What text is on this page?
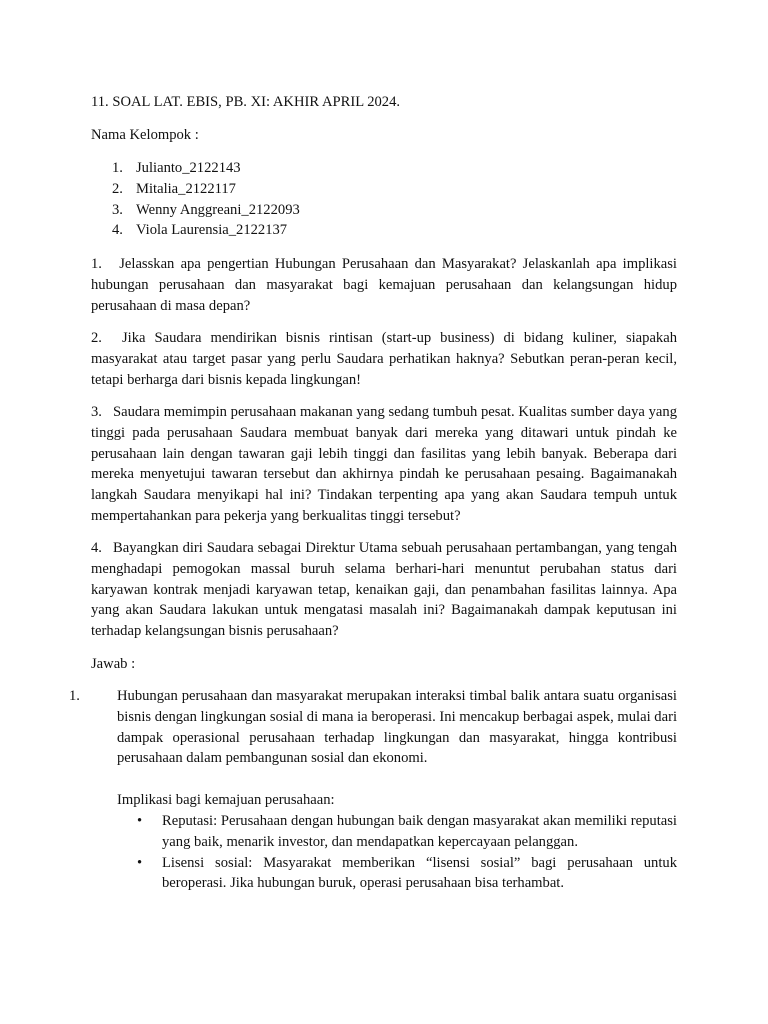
11. SOAL LAT. EBIS, PB. XI: AKHIR APRIL 2024.

Nama Kelompok :

1. Julianto_2122143
2. Mitalia_2122117
3. Wenny Anggreani_2122093
4. Viola Laurensia_2122137
1. Jelasskan apa pengertian Hubungan Perusahaan dan Masyarakat? Jelaskanlah apa implikasi hubungan perusahaan dan masyarakat bagi kemajuan perusahaan dan kelangsungan hidup perusahaan di masa depan?
2. Jika Saudara mendirikan bisnis rintisan (start-up business) di bidang kuliner, siapakah masyarakat atau target pasar yang perlu Saudara perhatikan haknya? Sebutkan peran-peran kecil, tetapi berharga dari bisnis kepada lingkungan!
3. Saudara memimpin perusahaan makanan yang sedang tumbuh pesat. Kualitas sumber daya yang tinggi pada perusahaan Saudara membuat banyak dari mereka yang ditawari untuk pindah ke perusahaan lain dengan tawaran gaji lebih tinggi dan fasilitas yang lebih banyak. Beberapa dari mereka menyetujui tawaran tersebut dan akhirnya pindah ke perusahaan pesaing. Bagaimanakah langkah Saudara menyikapi hal ini? Tindakan terpenting apa yang akan Saudara tempuh untuk mempertahankan para pekerja yang berkualitas tinggi tersebut?
4. Bayangkan diri Saudara sebagai Direktur Utama sebuah perusahaan pertambangan, yang tengah menghadapi pemogokan massal buruh selama berhari-hari menuntut perubahan status dari karyawan kontrak menjadi karyawan tetap, kenaikan gaji, dan penambahan fasilitas lainnya. Apa yang akan Saudara lakukan untuk mengatasi masalah ini? Bagaimanakah dampak keputusan ini terhadap kelangsungan bisnis perusahaan?

Jawab :

1.	Hubungan perusahaan dan masyarakat merupakan interaksi timbal balik antara suatu organisasi bisnis dengan lingkungan sosial di mana ia beroperasi. Ini mencakup berbagai aspek, mulai dari dampak operasional perusahaan terhadap lingkungan dan masyarakat, hingga kontribusi perusahaan dalam pembangunan sosial dan ekonomi.
Implikasi bagi kemajuan perusahaan:
• Reputasi: Perusahaan dengan hubungan baik dengan masyarakat akan memiliki reputasi yang baik, menarik investor, dan mendapatkan kepercayaan pelanggan.
• Lisensi sosial: Masyarakat memberikan “lisensi sosial” bagi perusahaan untuk beroperasi. Jika hubungan buruk, operasi perusahaan bisa terhambat.
